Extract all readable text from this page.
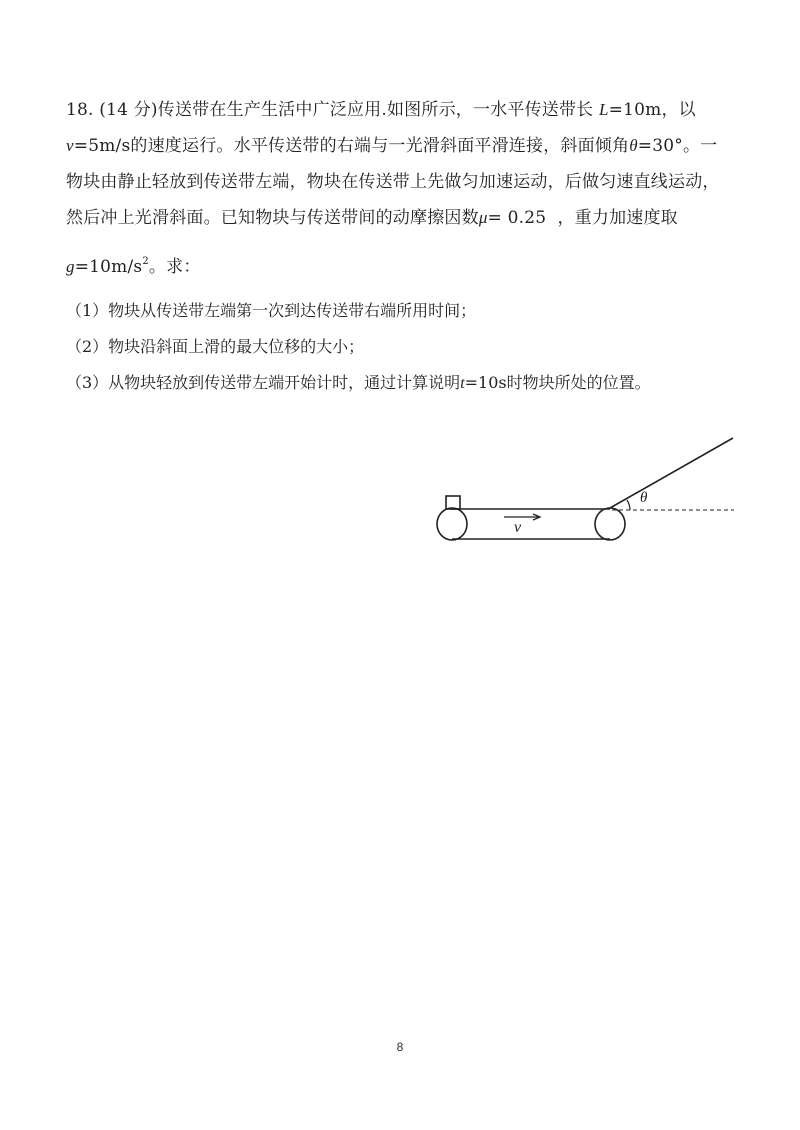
18. (14 分)传送带在生产生活中广泛应用.如图所示，一水平传送带长 L=10m，以

v=5m/s的速度运行。水平传送带的右端与一光滑斜面平滑连接，斜面倾角θ=30°。一

物块由静止轻放到传送带左端，物块在传送带上先做匀加速运动，后做匀速直线运动，

然后冲上光滑斜面。已知物块与传送带间的动摩擦因数μ= 0.25 ，重力加速度取

$g=10m/s^2$。求：

（1）物块从传送带左端第一次到达传送带右端所用时间；
（2）物块沿斜面上滑的最大位移的大小；
（3）从物块轻放到传送带左端开始计时，通过计算说明t=10s时物块所处的位置。
v
θ
8
